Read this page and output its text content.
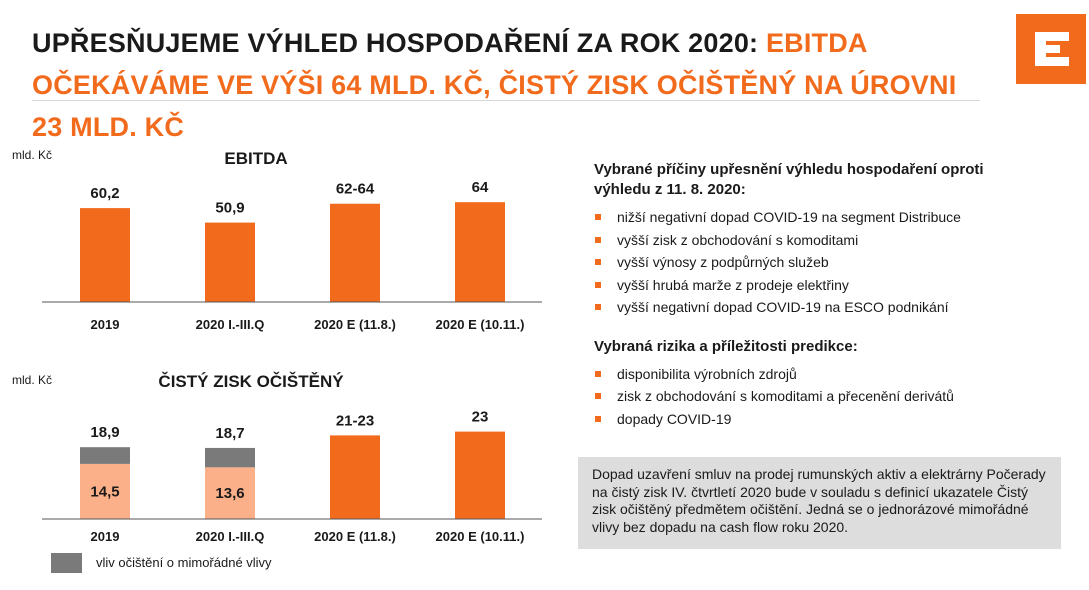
UPŘESŇUJEME VÝHLED HOSPODAŘENÍ ZA ROK 2020: EBITDA OČEKÁVÁME VE VÝŠI 64 MLD. KČ, ČISTÝ ZISK OČIŠTĚNÝ NA ÚROVNI 23 MLD. KČ
mld. Kč	EBITDA
60,2
50,9
62-64	64
2019	2020 I.-III.Q	2020 E (11.8.)	2020 E (10.11.)
mld. Kč	ČISTÝ ZISK OČIŠTĚNÝ
14,5
18,9
13,6
18,7
21-23	23
2019	2020 I.-III.Q	2020 E (11.8.)	2020 E (10.11.)
vliv očištění o mimořádné vlivy
Vybrané příčiny upřesnění výhledu hospodaření oproti výhledu z 11. 8. 2020:
nižší negativní dopad COVID-19 na segment Distribuce
vyšší zisk z obchodování s komoditami
vyšší výnosy z podpůrných služeb
vyšší hrubá marže z prodeje elektřiny
vyšší negativní dopad COVID-19 na ESCO podnikání
Vybraná rizika a příležitosti predikce:
disponibilita výrobních zdrojů
zisk z obchodování s komoditami a přecenění derivátů
dopady COVID-19
Dopad uzavření smluv na prodej rumunských aktiv a elektrárny Počerady na čistý zisk IV. čtvrtletí 2020 bude v souladu s definicí ukazatele Čistý zisk očištěný předmětem očištění. Jedná se o jednorázové mimořádné vlivy bez dopadu na cash flow roku 2020.
